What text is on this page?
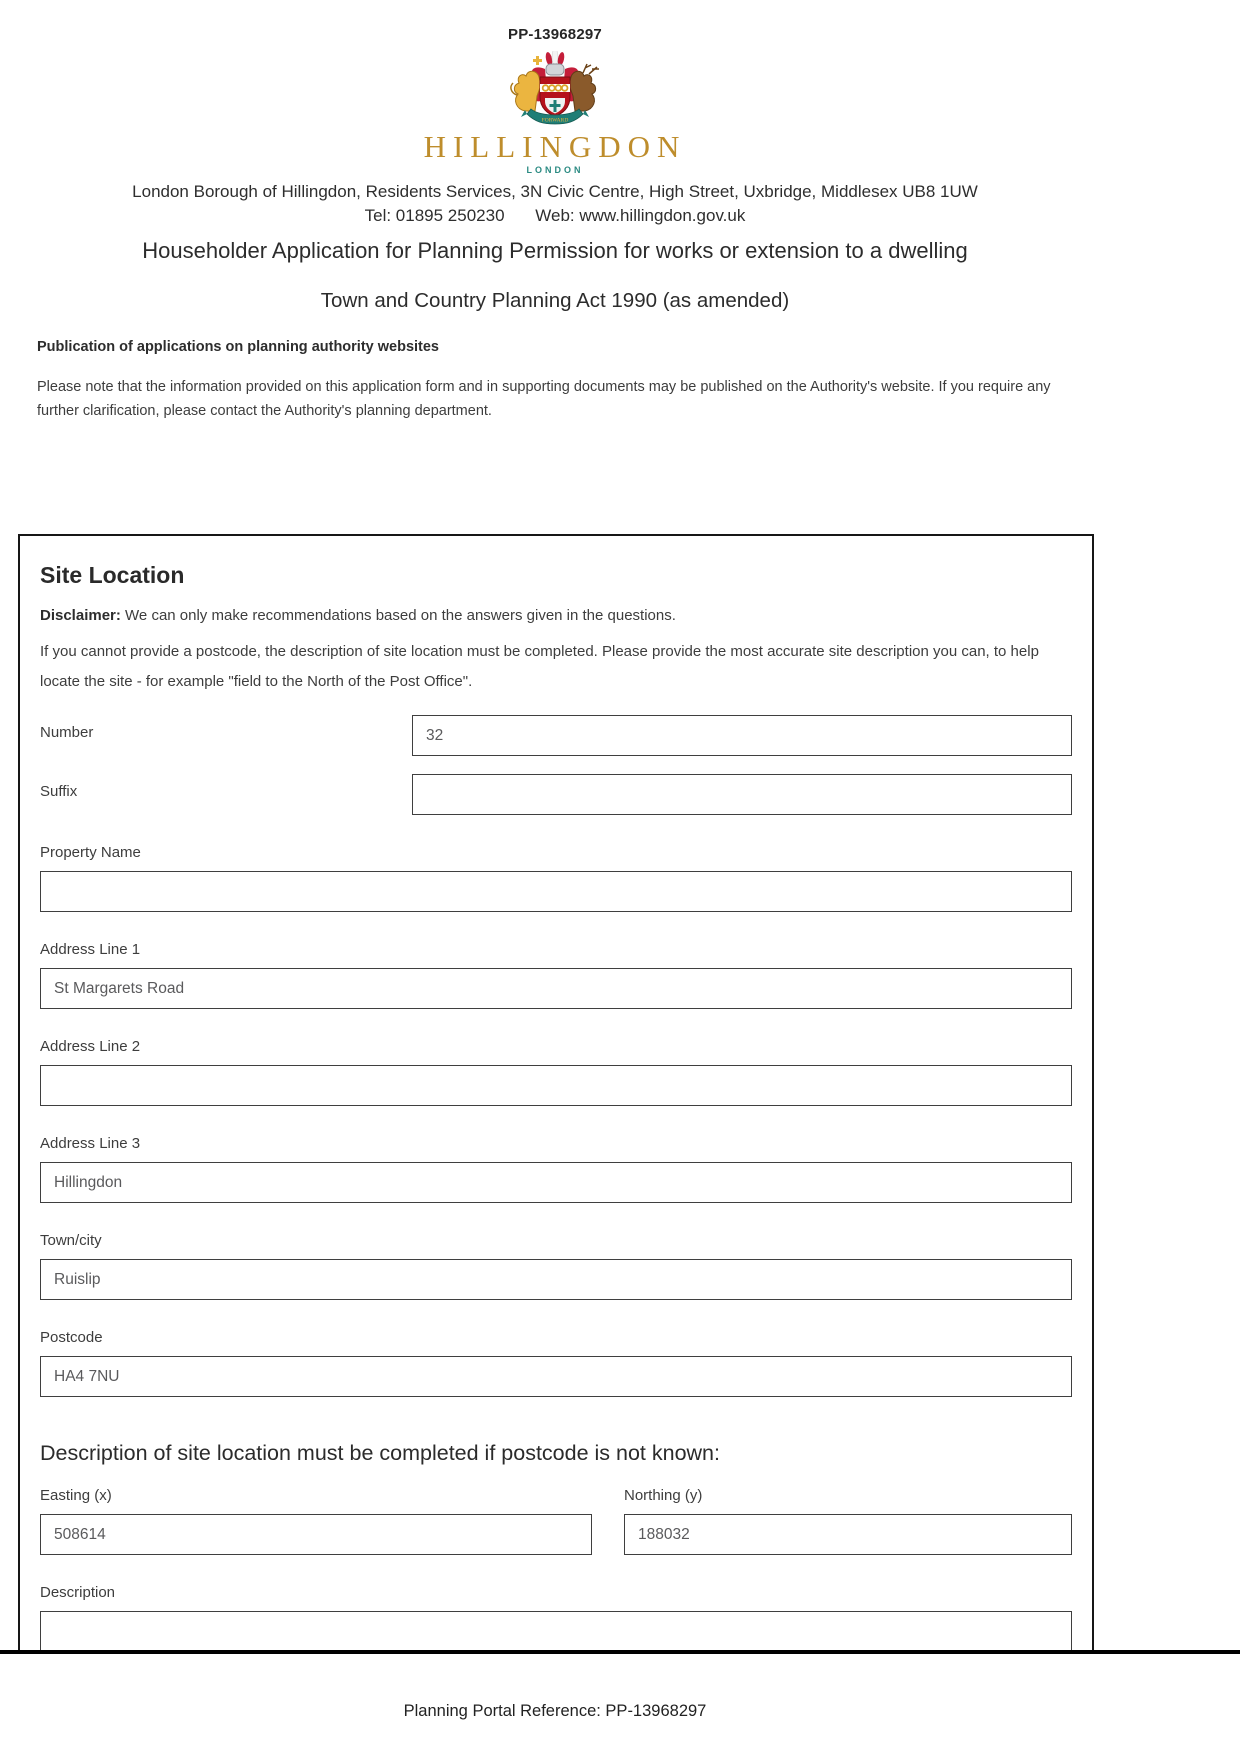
PP-13968297
FORWARD
HILLINGDON
LONDON
London Borough of Hillingdon, Residents Services, 3N Civic Centre, High Street, Uxbridge, Middlesex UB8 1UW
Tel: 01895 250230 Web: www.hillingdon.gov.uk
Householder Application for Planning Permission for works or extension to a dwelling
Town and Country Planning Act 1990 (as amended)
Publication of applications on planning authority websites
Please note that the information provided on this application form and in supporting documents may be published on the Authority's website. If you require any further clarification, please contact the Authority's planning department.
Site Location
Disclaimer: We can only make recommendations based on the answers given in the questions.
If you cannot provide a postcode, the description of site location must be completed. Please provide the most accurate site description you can, to help locate the site - for example "field to the North of the Post Office".
Number
32
Suffix
Property Name
Address Line 1
St Margarets Road
Address Line 2
Address Line 3
Hillingdon
Town/city
Ruislip
Postcode
HA4 7NU
Description of site location must be completed if postcode is not known:
Easting (x)
508614	Northing (y)
188032
Description
Planning Portal Reference: PP-13968297
